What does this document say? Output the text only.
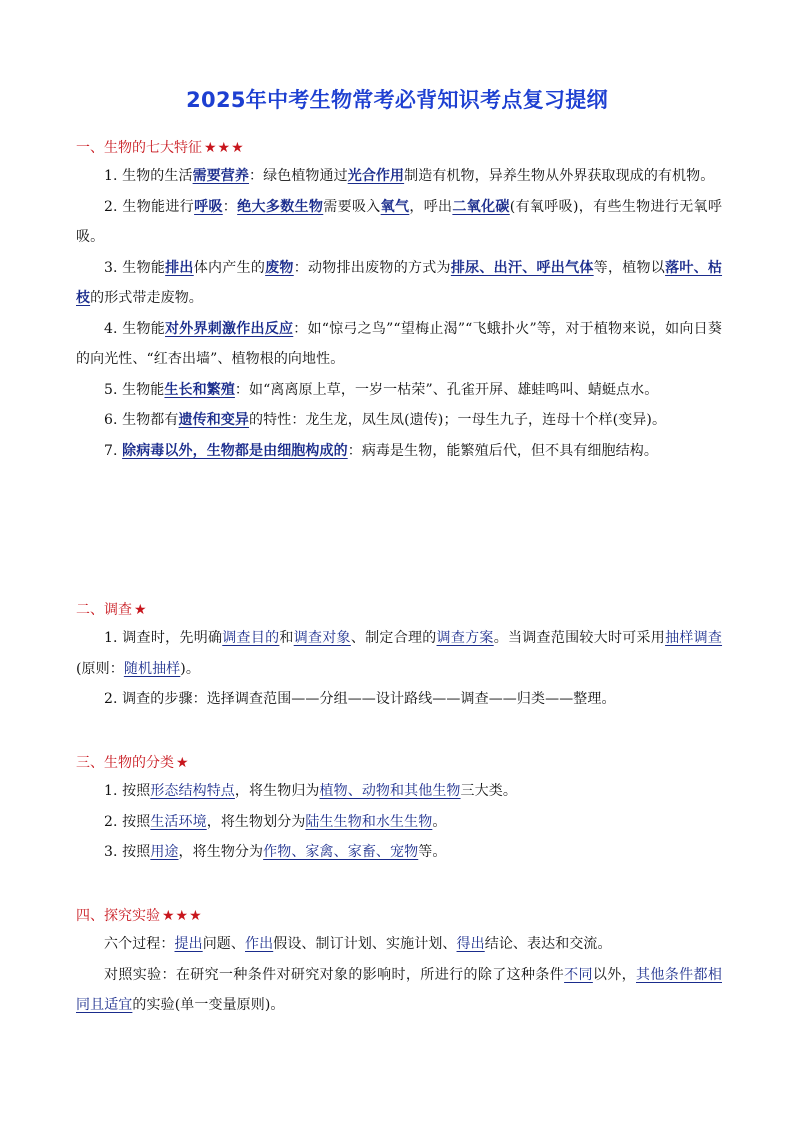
2025年中考生物常考必背知识考点复习提纲
一、生物的七大特征 ★★★

1. 生物的生活需要营养：绿色植物通过光合作用制造有机物，异养生物从外界获取现成的有机物。

2. 生物能进行呼吸：绝大多数生物需要吸入氧气，呼出二氧化碳(有氧呼吸)，有些生物进行无氧呼吸。

3. 生物能排出体内产生的废物：动物排出废物的方式为排尿、出汗、呼出气体等，植物以落叶、枯枝的形式带走废物。

4. 生物能对外界刺激作出反应：如“惊弓之鸟”“望梅止渴”“飞蛾扑火”等，对于植物来说，如向日葵的向光性、“红杏出墙”、植物根的向地性。

5. 生物能生长和繁殖：如“离离原上草，一岁一枯荣”、孔雀开屏、雄蛙鸣叫、蜻蜓点水。

6. 生物都有遗传和变异的特性：龙生龙，凤生凤(遗传)；一母生九子，连母十个样(变异)。

7. 除病毒以外，生物都是由细胞构成的：病毒是生物，能繁殖后代，但不具有细胞结构。

二、调查 ★

1. 调查时，先明确调查目的和调查对象、制定合理的调查方案。当调查范围较大时可采用抽样调查(原则：随机抽样)。

2. 调查的步骤：选择调查范围——分组——设计路线——调查——归类——整理。

三、生物的分类 ★

1. 按照形态结构特点，将生物归为植物、动物和其他生物三大类。

2. 按照生活环境，将生物划分为陆生生物和水生生物。

3. 按照用途，将生物分为作物、家禽、家畜、宠物等。

四、探究实验 ★★★

六个过程：提出问题、作出假设、制订计划、实施计划、得出结论、表达和交流。

对照实验：在研究一种条件对研究对象的影响时，所进行的除了这种条件不同以外，其他条件都相同且适宜的实验(单一变量原则)。
